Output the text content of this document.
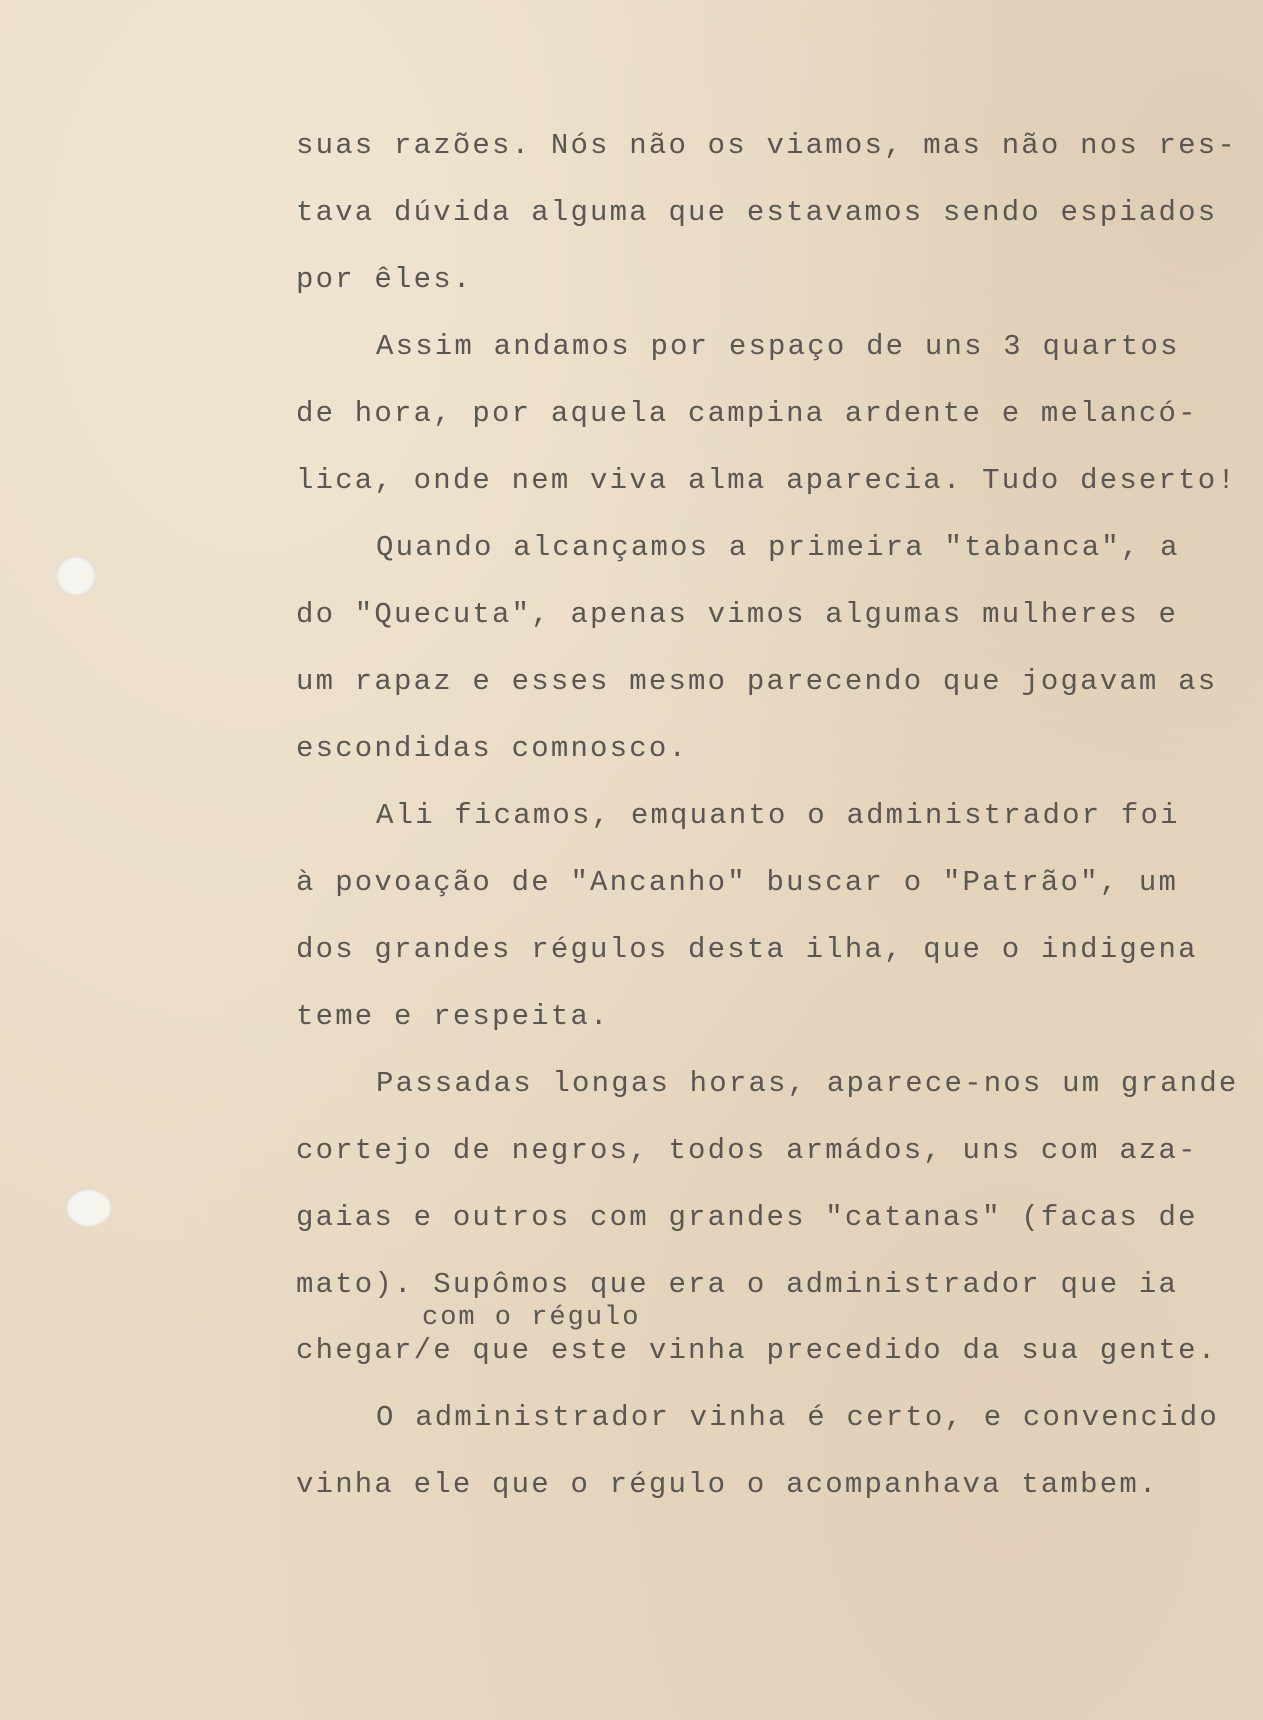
suas razões. Nós não os viamos, mas não nos res-
tava dúvida alguma que estavamos sendo espiados
por êles.
Assim andamos por espaço de uns 3 quartos
de hora, por aquela campina ardente e melancó-
lica, onde nem viva alma aparecia. Tudo deserto!
Quando alcançamos a primeira "tabanca", a
do "Quecuta", apenas vimos algumas mulheres e
um rapaz e esses mesmo parecendo que jogavam as
escondidas comnosco.
Ali ficamos, emquanto o administrador foi
à povoação de "Ancanho" buscar o "Patrão", um
dos grandes régulos desta ilha, que o indigena
teme e respeita.
Passadas longas horas, aparece-nos um grande
cortejo de negros, todos armádos, uns com aza-
gaias e outros com grandes "catanas" (facas de
mato). Supômos que era o administrador que ia
com o régulo
chegar/e que este vinha precedido da sua gente.
O administrador vinha é certo, e convencido
vinha ele que o régulo o acompanhava tambem.
